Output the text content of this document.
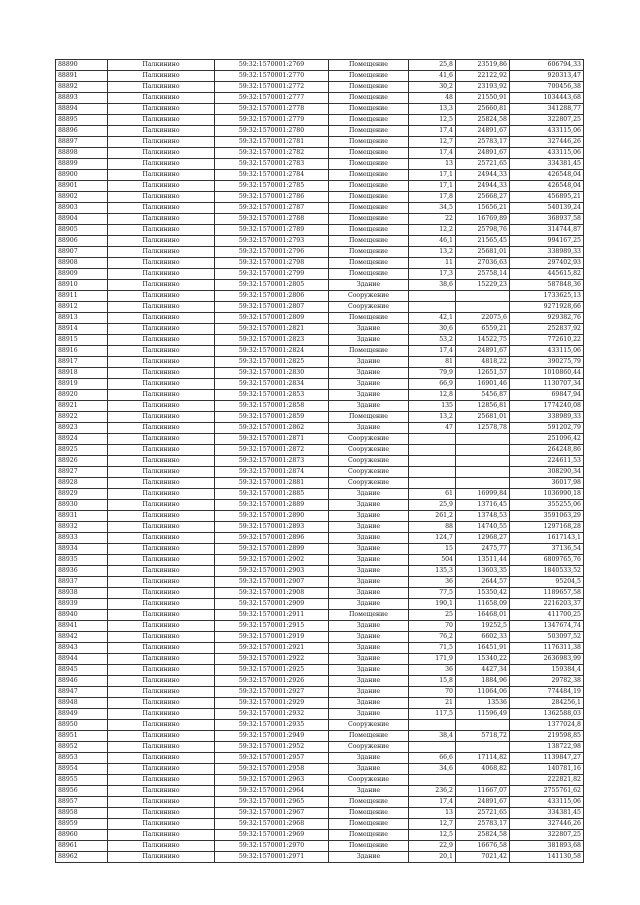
88890	Палкинино	59:32:1570001:2769	Помещение	25,8	23519,86	606794,33
88891	Палкинино	59:32:1570001:2770	Помещение	41,6	22122,92	920313,47
88892	Палкинино	59:32:1570001:2772	Помещение	30,2	23193,92	700456,38
88893	Палкинино	59:32:1570001:2777	Помещение	48	21550,91	1034443,68
88894	Палкинино	59:32:1570001:2778	Помещение	13,3	25660,81	341288,77
88895	Палкинино	59:32:1570001:2779	Помещение	12,5	25824,58	322807,25
88896	Палкинино	59:32:1570001:2780	Помещение	17,4	24891,67	433115,06
88897	Палкинино	59:32:1570001:2781	Помещение	12,7	25783,17	327446,26
88898	Палкинино	59:32:1570001:2782	Помещение	17,4	24891,67	433115,06
88899	Палкинино	59:32:1570001:2783	Помещение	13	25721,65	334381,45
88900	Палкинино	59:32:1570001:2784	Помещение	17,1	24944,33	426548,04
88901	Палкинино	59:32:1570001:2785	Помещение	17,1	24944,33	426548,04
88902	Палкинино	59:32:1570001:2786	Помещение	17,8	25668,27	456895,21
88903	Палкинино	59:32:1570001:2787	Помещение	34,5	15656,21	540139,24
88904	Палкинино	59:32:1570001:2788	Помещение	22	16769,89	368937,58
88905	Палкинино	59:32:1570001:2789	Помещение	12,2	25798,76	314744,87
88906	Палкинино	59:32:1570001:2793	Помещение	46,1	21565,45	994167,25
88907	Палкинино	59:32:1570001:2796	Помещение	13,2	25681,01	338989,33
88908	Палкинино	59:32:1570001:2798	Помещение	11	27036,63	297402,93
88909	Палкинино	59:32:1570001:2799	Помещение	17,3	25758,14	445615,82
88910	Палкинино	59:32:1570001:2805	Здание	38,6	15229,23	587848,36
88911	Палкинино	59:32:1570001:2806	Сооружение			1733625,13
88912	Палкинино	59:32:1570001:2807	Сооружение			9271928,66
88913	Палкинино	59:32:1570001:2809	Помещение	42,1	22075,6	929382,76
88914	Палкинино	59:32:1570001:2821	Здание	30,6	6559,21	252837,92
88915	Палкинино	59:32:1570001:2823	Здание	53,2	14522,75	772610,22
88916	Палкинино	59:32:1570001:2824	Помещение	17,4	24891,67	433115,06
88917	Палкинино	59:32:1570001:2825	Здание	81	4818,22	390275,79
88918	Палкинино	59:32:1570001:2830	Здание	79,9	12651,57	1010860,44
88919	Палкинино	59:32:1570001:2834	Здание	66,9	16901,46	1130707,34
88920	Палкинино	59:32:1570001:2853	Здание	12,8	5456,87	69847,94
88921	Палкинино	59:32:1570001:2858	Здание	135	12856,81	1774240,08
88922	Палкинино	59:32:1570001:2859	Помещение	13,2	25681,01	338989,33
88923	Палкинино	59:32:1570001:2862	Здание	47	12578,78	591202,79
88924	Палкинино	59:32:1570001:2871	Сооружение			251096,42
88925	Палкинино	59:32:1570001:2872	Сооружение			264248,86
88926	Палкинино	59:32:1570001:2873	Сооружение			224611,53
88927	Палкинино	59:32:1570001:2874	Сооружение			308290,34
88928	Палкинино	59:32:1570001:2881	Сооружение			36017,98
88929	Палкинино	59:32:1570001:2885	Здание	61	16999,84	1036990,18
88930	Палкинино	59:32:1570001:2889	Здание	25,9	13716,45	355255,06
88931	Палкинино	59:32:1570001:2890	Здание	261,2	13748,53	3591063,29
88932	Палкинино	59:32:1570001:2893	Здание	88	14740,55	1297168,28
88933	Палкинино	59:32:1570001:2896	Здание	124,7	12968,27	1617143,1
88934	Палкинино	59:32:1570001:2899	Здание	15	2475,77	37136,54
88935	Палкинино	59:32:1570001:2902	Здание	504	13511,44	6809765,76
88936	Палкинино	59:32:1570001:2903	Здание	135,3	13603,35	1840533,52
88937	Палкинино	59:32:1570001:2907	Здание	36	2644,57	95204,5
88938	Палкинино	59:32:1570001:2908	Здание	77,5	15350,42	1189657,58
88939	Палкинино	59:32:1570001:2909	Здание	190,1	11658,09	2216203,37
88940	Палкинино	59:32:1570001:2911	Помещение	25	16468,01	411700,25
88941	Палкинино	59:32:1570001:2915	Здание	70	19252,5	1347674,74
88942	Палкинино	59:32:1570001:2919	Здание	76,2	6602,33	503097,52
88943	Палкинино	59:32:1570001:2921	Здание	71,5	16451,91	1176311,38
88944	Палкинино	59:32:1570001:2922	Здание	171,9	15340,22	2636983,99
88945	Палкинино	59:32:1570001:2925	Здание	36	4427,34	159384,4
88946	Палкинино	59:32:1570001:2926	Здание	15,8	1884,96	29782,38
88947	Палкинино	59:32:1570001:2927	Здание	70	11064,06	774484,19
88948	Палкинино	59:32:1570001:2929	Здание	21	13536	284256,1
88949	Палкинино	59:32:1570001:2932	Здание	117,5	11596,49	1362588,03
88950	Палкинино	59:32:1570001:2935	Сооружение			1377024,8
88951	Палкинино	59:32:1570001:2949	Помещение	38,4	5718,72	219598,85
88952	Палкинино	59:32:1570001:2952	Сооружение			138722,98
88953	Палкинино	59:32:1570001:2957	Здание	66,6	17114,82	1139847,27
88954	Палкинино	59:32:1570001:2958	Здание	34,6	4068,82	140781,16
88955	Палкинино	59:32:1570001:2963	Сооружение			222821,82
88956	Палкинино	59:32:1570001:2964	Здание	236,2	11667,07	2755761,62
88957	Палкинино	59:32:1570001:2965	Помещение	17,4	24891,67	433115,06
88958	Палкинино	59:32:1570001:2967	Помещение	13	25721,65	334381,45
88959	Палкинино	59:32:1570001:2968	Помещение	12,7	25783,17	327446,26
88960	Палкинино	59:32:1570001:2969	Помещение	12,5	25824,58	322807,25
88961	Палкинино	59:32:1570001:2970	Помещение	22,9	16676,58	381893,68
88962	Палкинино	59:32:1570001:2971	Здание	20,1	7021,42	141130,58
